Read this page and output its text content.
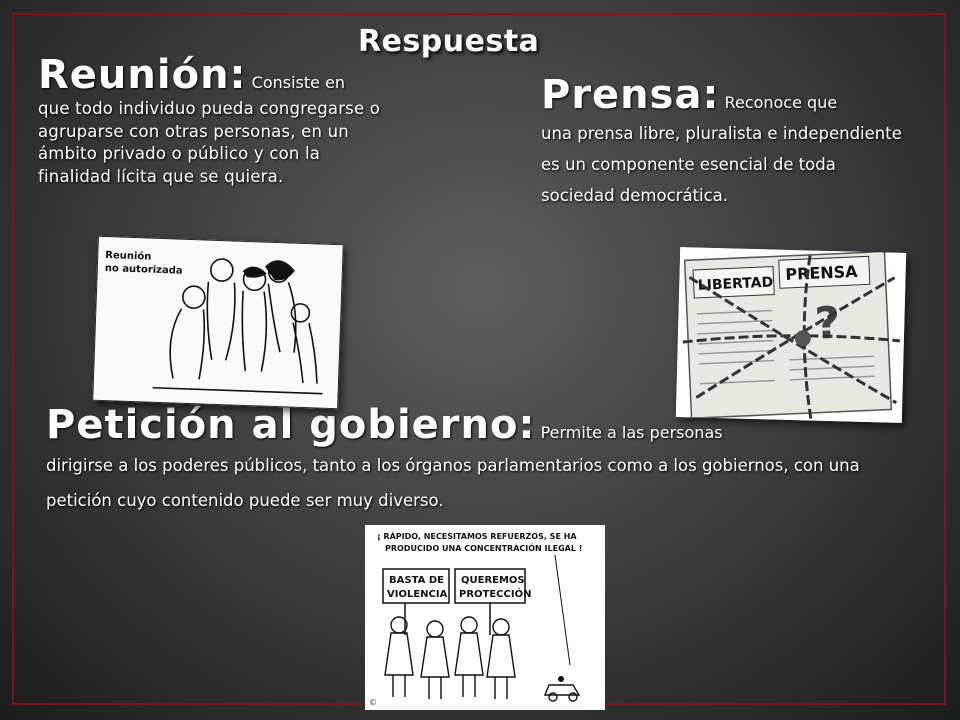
Respuesta
Reunión: Consiste en
que todo individuo pueda congregarse o agruparse con otras personas, en un ámbito privado o público y con la finalidad lícita que se quiera.
Prensa: Reconoce que
una prensa libre, pluralista e independiente es un componente esencial de toda sociedad democrática.
Petición al gobierno: Permite a las personas
dirigirse a los poderes públicos, tanto a los órganos parlamentarios como a los gobiernos, con una petición cuyo contenido puede ser muy diverso.
Reunión
no autorizada
LIBERTAD
PRENSA
?
¡ RÁPIDO, NECESITAMOS REFUERZOS, SE HA PRODUCIDO UNA CONCENTRACIÓN ILEGAL !
BASTA DE
VIOLENCIA
QUEREMOS
PROTECCIÓN
©
